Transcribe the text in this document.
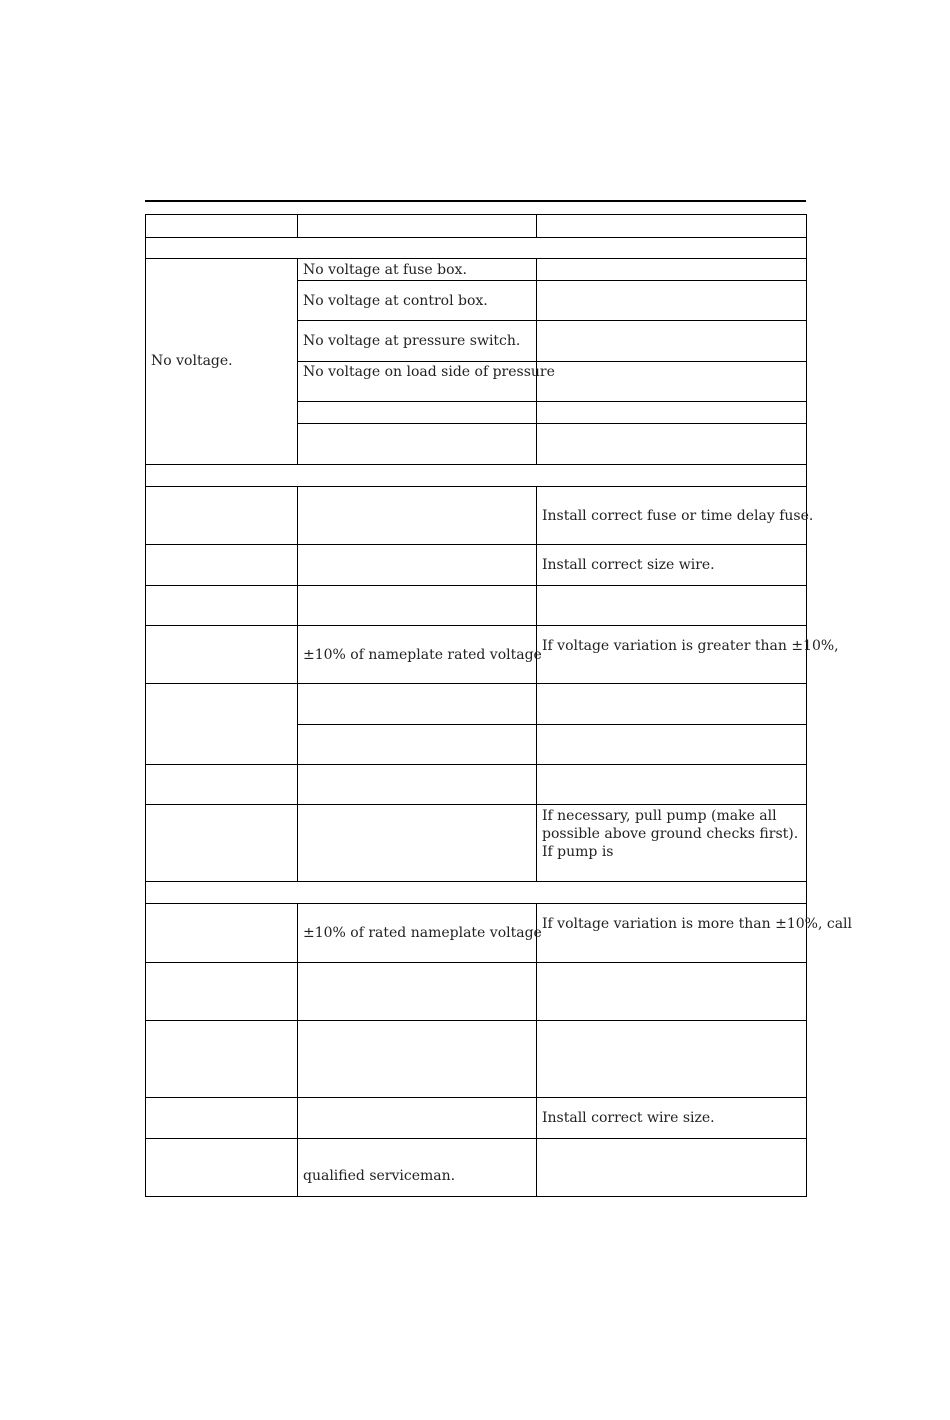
No voltage.
No voltage at fuse box.
No voltage at control box.
No voltage at pressure switch.
No voltage on load side of pressure
Install correct fuse or time delay fuse.
Install correct size wire.
±10% of nameplate rated voltage
If voltage variation is greater than ±10%,
If necessary, pull pump (make all possible above ground checks first). If pump is
±10% of rated nameplate voltage
If voltage variation is more than ±10%, call
Install correct wire size.
qualified serviceman.
